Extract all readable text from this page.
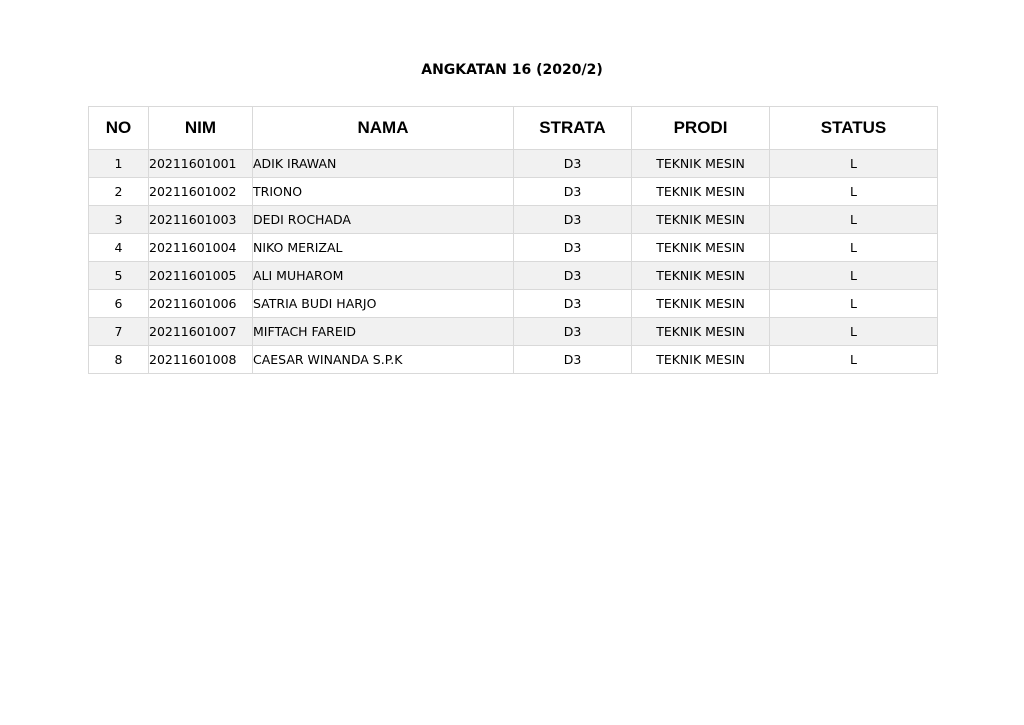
ANGKATAN 16 (2020/2)
NO	NIM	NAMA	STRATA	PRODI	STATUS
1	20211601001	ADIK IRAWAN	D3	TEKNIK MESIN	L
2	20211601002	TRIONO	D3	TEKNIK MESIN	L
3	20211601003	DEDI ROCHADA	D3	TEKNIK MESIN	L
4	20211601004	NIKO MERIZAL	D3	TEKNIK MESIN	L
5	20211601005	ALI MUHAROM	D3	TEKNIK MESIN	L
6	20211601006	SATRIA BUDI HARJO	D3	TEKNIK MESIN	L
7	20211601007	MIFTACH FAREID	D3	TEKNIK MESIN	L
8	20211601008	CAESAR WINANDA S.P.K	D3	TEKNIK MESIN	L
